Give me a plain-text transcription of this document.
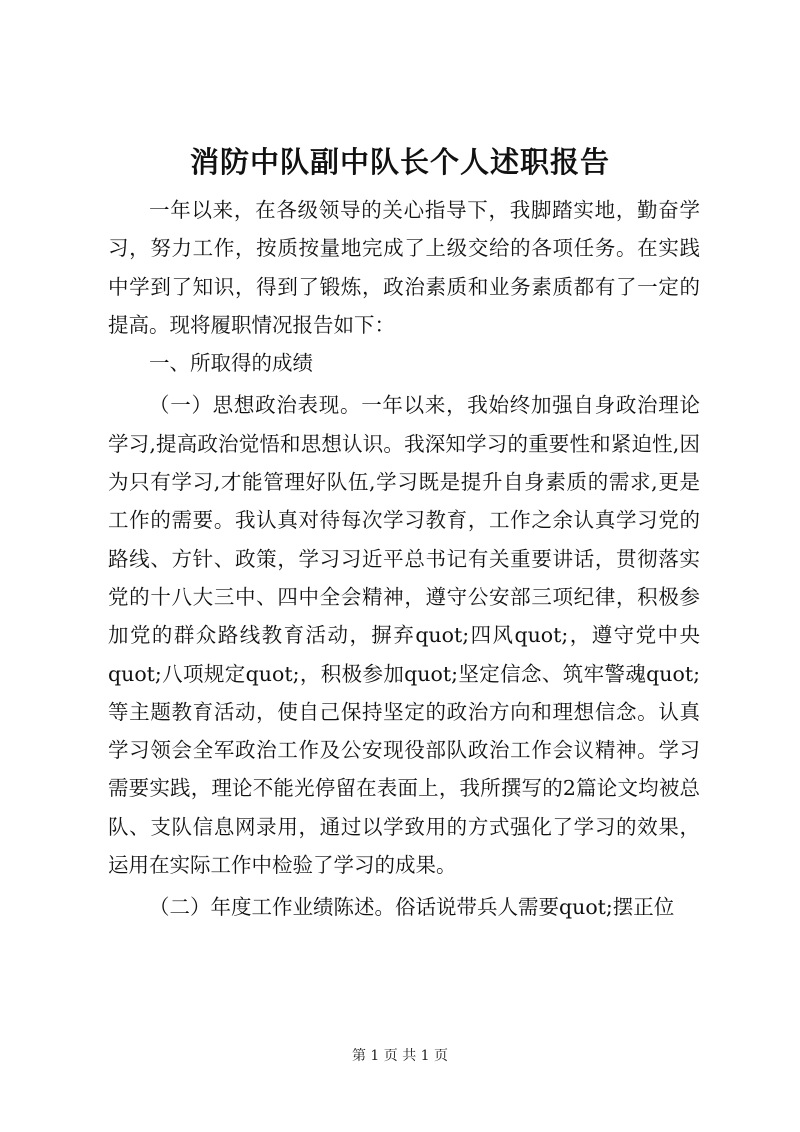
消防中队副中队长个人述职报告

一年以来，在各级领导的关心指导下，我脚踏实地，勤奋学习，努力工作，按质按量地完成了上级交给的各项任务。在实践中学到了知识，得到了锻炼，政治素质和业务素质都有了一定的提高。现将履职情况报告如下：

一、所取得的成绩

（一）思想政治表现。一年以来，我始终加强自身政治理论学习,提高政治觉悟和思想认识。我深知学习的重要性和紧迫性,因为只有学习,才能管理好队伍,学习既是提升自身素质的需求,更是工作的需要。我认真对待每次学习教育，工作之余认真学习党的路线、方针、政策，学习习近平总书记有关重要讲话，贯彻落实党的十八大三中、四中全会精神，遵守公安部三项纪律，积极参加党的群众路线教育活动，摒弃quot;四风quot;，遵守党中央quot;八项规定quot;，积极参加quot;坚定信念、筑牢警魂quot;等主题教育活动，使自己保持坚定的政治方向和理想信念。认真学习领会全军政治工作及公安现役部队政治工作会议精神。学习需要实践，理论不能光停留在表面上，我所撰写的2篇论文均被总队、支队信息网录用，通过以学致用的方式强化了学习的效果，运用在实际工作中检验了学习的成果。

（二）年度工作业绩陈述。俗话说带兵人需要quot;摆正位

第 1 页 共 1 页
